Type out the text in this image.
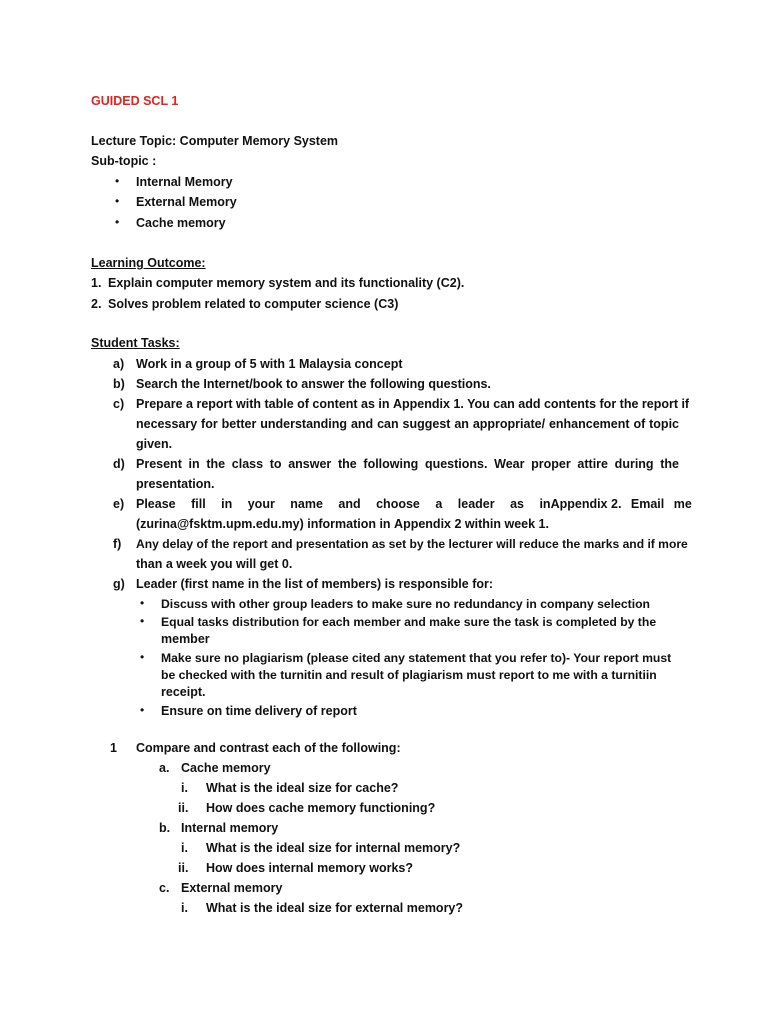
GUIDED SCL 1
Lecture Topic: Computer Memory System
Sub-topic :
• Internal Memory
• External Memory
• Cache memory
Learning Outcome:
1. Explain computer memory system and its functionality (C2).
2. Solves problem related to computer science (C3)
Student Tasks:
a) Work in a group of 5 with 1 Malaysia concept
b) Search the Internet/book to answer the following questions.
c) Prepare a report with table of content as in Appendix 1. You can add contents for the report if
necessary for better understanding and can suggest an appropriate/ enhancement of topic
given.
d) Present in the class to answer the following questions. Wear proper attire during the
presentation.
e) Please fill in your name and choose a leader as in Appendix 2. Email me
(zurina@fsktm.upm.edu.my) information in Appendix 2 within week 1.
f) Any delay of the report and presentation as set by the lecturer will reduce the marks and if more
than a week you will get 0.
g) Leader (first name in the list of members) is responsible for:
• Discuss with other group leaders to make sure no redundancy in company selection
• Equal tasks distribution for each member and make sure the task is completed by the
member
• Make sure no plagiarism (please cited any statement that you refer to)- Your report must
be checked with the turnitin and result of plagiarism must report to me with a turnitiin
receipt.
• Ensure on time delivery of report
1 Compare and contrast each of the following:
a. Cache memory
i. What is the ideal size for cache?
ii. How does cache memory functioning?
b. Internal memory
i. What is the ideal size for internal memory?
ii. How does internal memory works?
c. External memory
i. What is the ideal size for external memory?
